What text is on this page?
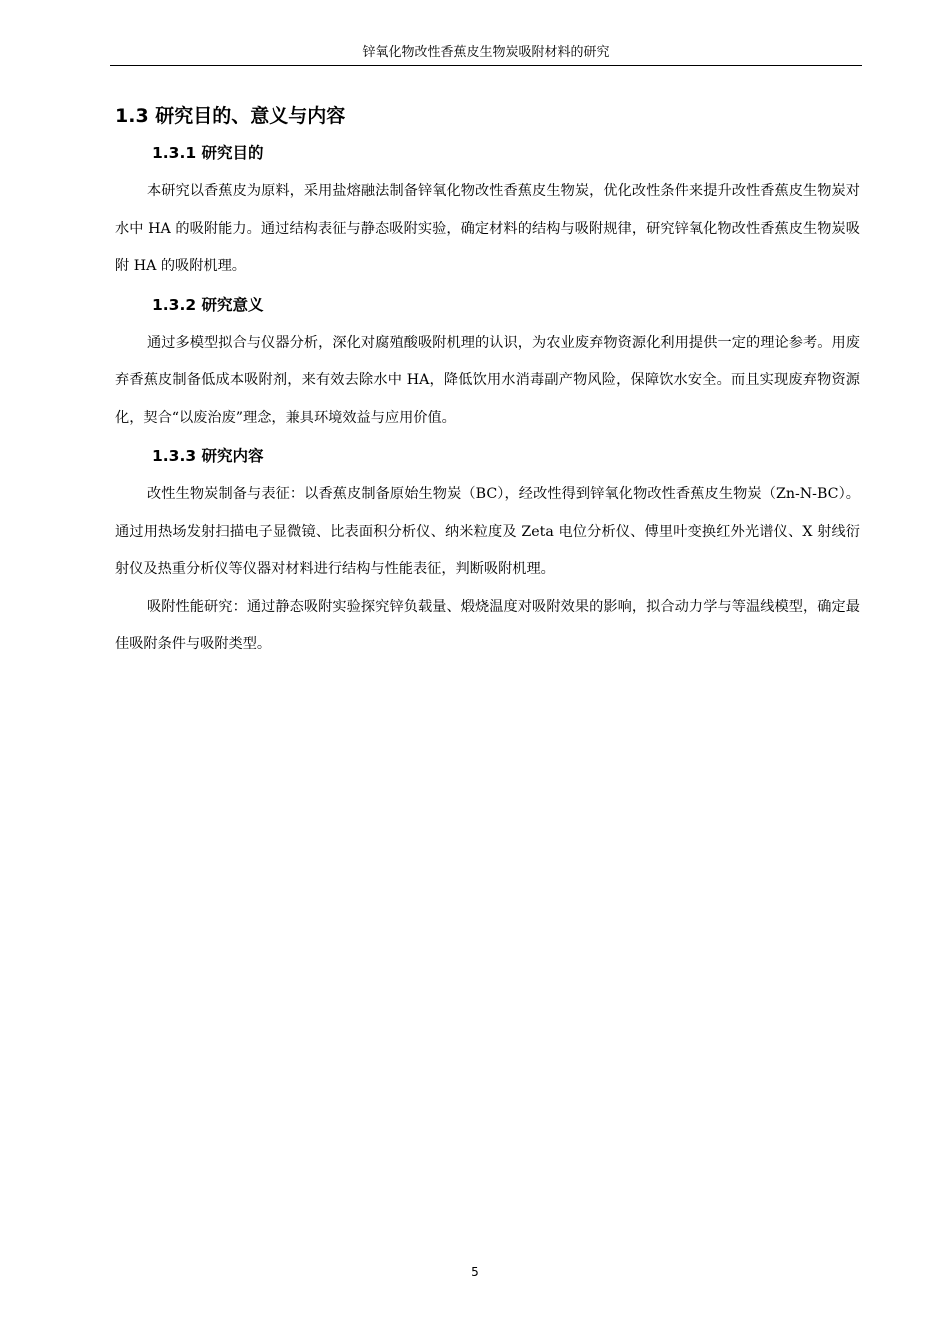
锌氧化物改性香蕉皮生物炭吸附材料的研究
1.3 研究目的、意义与内容
1.3.1 研究目的

本研究以香蕉皮为原料，采用盐熔融法制备锌氧化物改性香蕉皮生物炭，优化改性条件来提升改性香蕉皮生物炭对水中 HA 的吸附能力。通过结构表征与静态吸附实验，确定材料的结构与吸附规律，研究锌氧化物改性香蕉皮生物炭吸附 HA 的吸附机理。

1.3.2 研究意义

通过多模型拟合与仪器分析，深化对腐殖酸吸附机理的认识，为农业废弃物资源化利用提供一定的理论参考。用废弃香蕉皮制备低成本吸附剂，来有效去除水中 HA，降低饮用水消毒副产物风险，保障饮水安全。而且实现废弃物资源化，契合“以废治废”理念，兼具环境效益与应用价值。

1.3.3 研究内容

改性生物炭制备与表征：以香蕉皮制备原始生物炭（BC），经改性得到锌氧化物改性香蕉皮生物炭（Zn-N-BC）。通过用热场发射扫描电子显微镜、比表面积分析仪、纳米粒度及 Zeta 电位分析仪、傅里叶变换红外光谱仪、X 射线衍射仪及热重分析仪等仪器对材料进行结构与性能表征，判断吸附机理。

吸附性能研究：通过静态吸附实验探究锌负载量、煅烧温度对吸附效果的影响，拟合动力学与等温线模型，确定最佳吸附条件与吸附类型。

5
